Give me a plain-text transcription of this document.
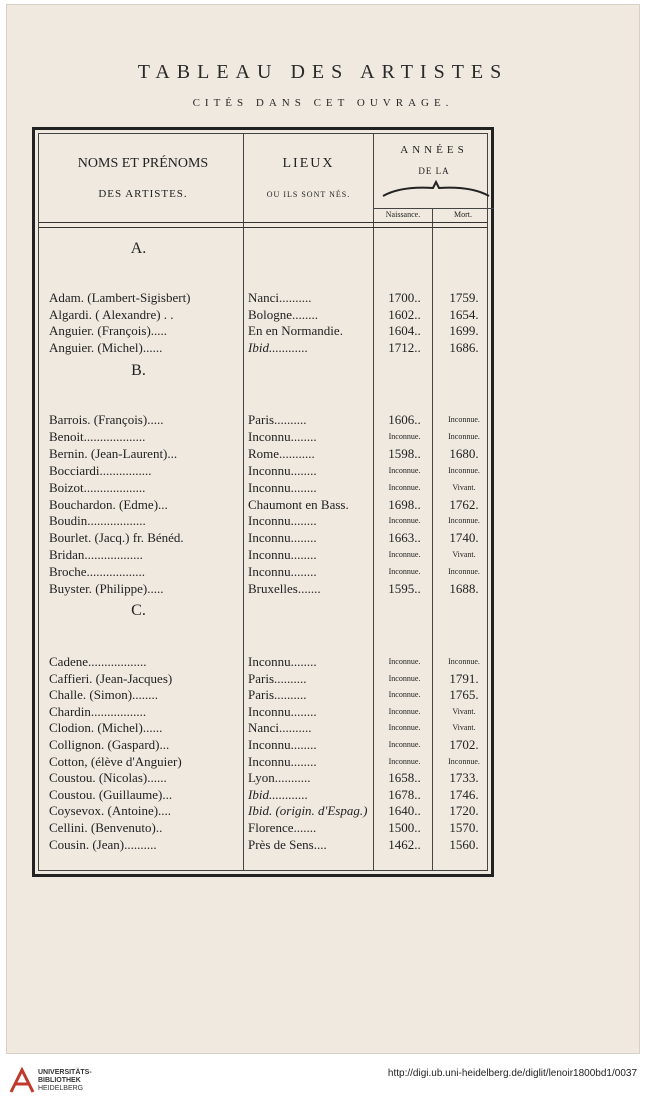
TABLEAU DES ARTISTES
CITÉS DANS CET OUVRAGE.
NOMS ET PRÉNOMS
DES ARTISTES.
LIEUX
OU ILS SONT NÉS.
ANNÉES
DE LA
Naissance.	Mort.
A.
Adam. (Lambert-Sigisbert)	Nanci..........	1700..	1759.
Algardi. ( Alexandre) . .	Bologne........	1602..	1654.
Anguier. (François).....	En en Normandie.	1604..	1699.
Anguier. (Michel)......	Ibid............	1712..	1686.
B.
Barrois. (François).....	Paris..........	1606..	Inconnue.
Benoit...................	Inconnu........	Inconnue.	Inconnue.
Bernin. (Jean-Laurent)...	Rome...........	1598..	1680.
Bocciardi................	Inconnu........	Inconnue.	Inconnue.
Boizot...................	Inconnu........	Inconnue.	Vivant.
Bouchardon. (Edme)...	Chaumont en Bass.	1698..	1762.
Boudin..................	Inconnu........	Inconnue.	Inconnue.
Bourlet. (Jacq.) fr. Bénéd.	Inconnu........	1663..	1740.
Bridan..................	Inconnu........	Inconnue.	Vivant.
Broche..................	Inconnu........	Inconnue.	Inconnue.
Buyster. (Philippe).....	Bruxelles.......	1595..	1688.
C.
Cadene..................	Inconnu........	Inconnue.	Inconnue.
Caffieri. (Jean-Jacques)	Paris..........	Inconnue.	1791.
Challe. (Simon)........	Paris..........	Inconnue.	1765.
Chardin.................	Inconnu........	Inconnue.	Vivant.
Clodion. (Michel)......	Nanci..........	Inconnue.	Vivant.
Collignon. (Gaspard)...	Inconnu........	Inconnue.	1702.
Cotton, (élève d'Anguier)	Inconnu........	Inconnue.	Inconnue.
Coustou. (Nicolas)......	Lyon...........	1658..	1733.
Coustou. (Guillaume)...	Ibid............	1678..	1746.
Coysevox. (Antoine)....	Ibid. (origin. d'Espag.)	1640..	1720.
Cellini. (Benvenuto)..	Florence.......	1500..	1570.
Cousin. (Jean)..........	Près de Sens....	1462..	1560.
UNIVERSITÄTS-
BIBLIOTHEK
HEIDELBERG
http://digi.ub.uni-heidelberg.de/diglit/lenoir1800bd1/0037
